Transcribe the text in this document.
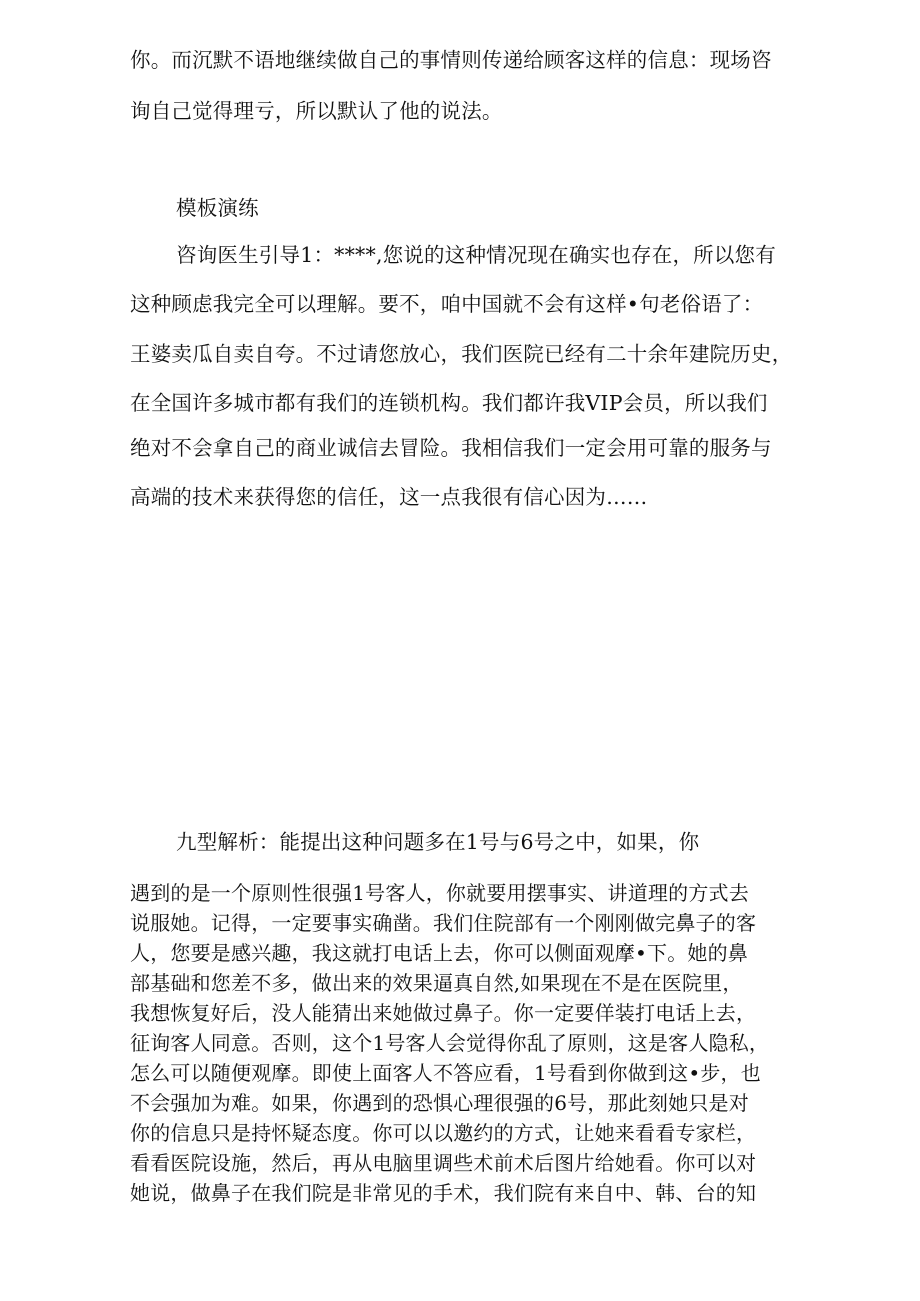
你。而沉默不语地继续做自己的事情则传递给顾客这样的信息：现场咨
询自己觉得理亏，所以默认了他的说法。
模板演练
咨询医生引导1：****,您说的这种情况现在确实也存在，所以您有
这种顾虑我完全可以理解。要不，咱中国就不会有这样•句老俗语了：
王婆卖瓜自卖自夸。不过请您放心，我们医院已经有二十余年建院历史，
在全国许多城市都有我们的连锁机构。我们都许我VIP会员，所以我们
绝对不会拿自己的商业诚信去冒险。我相信我们一定会用可靠的服务与
高端的技术来获得您的信任，这一点我很有信心因为……
九型解析：能提出这种问题多在1号与6号之中，如果，你
遇到的是一个原则性很强1号客人，你就要用摆事实、讲道理的方式去
说服她。记得，一定要事实确凿。我们住院部有一个刚刚做完鼻子的客
人，您要是感兴趣，我这就打电话上去，你可以侧面观摩•下。她的鼻
部基础和您差不多，做出来的效果逼真自然,如果现在不是在医院里，
我想恢复好后，没人能猜出来她做过鼻子。你一定要佯装打电话上去，
征询客人同意。否则，这个1号客人会觉得你乱了原则，这是客人隐私，
怎么可以随便观摩。即使上面客人不答应看，1号看到你做到这•步，也
不会强加为难。如果，你遇到的恐惧心理很强的6号，那此刻她只是对
你的信息只是持怀疑态度。你可以以邀约的方式，让她来看看专家栏，
看看医院设施，然后，再从电脑里调些术前术后图片给她看。你可以对
她说，做鼻子在我们院是非常见的手术，我们院有来自中、韩、台的知
